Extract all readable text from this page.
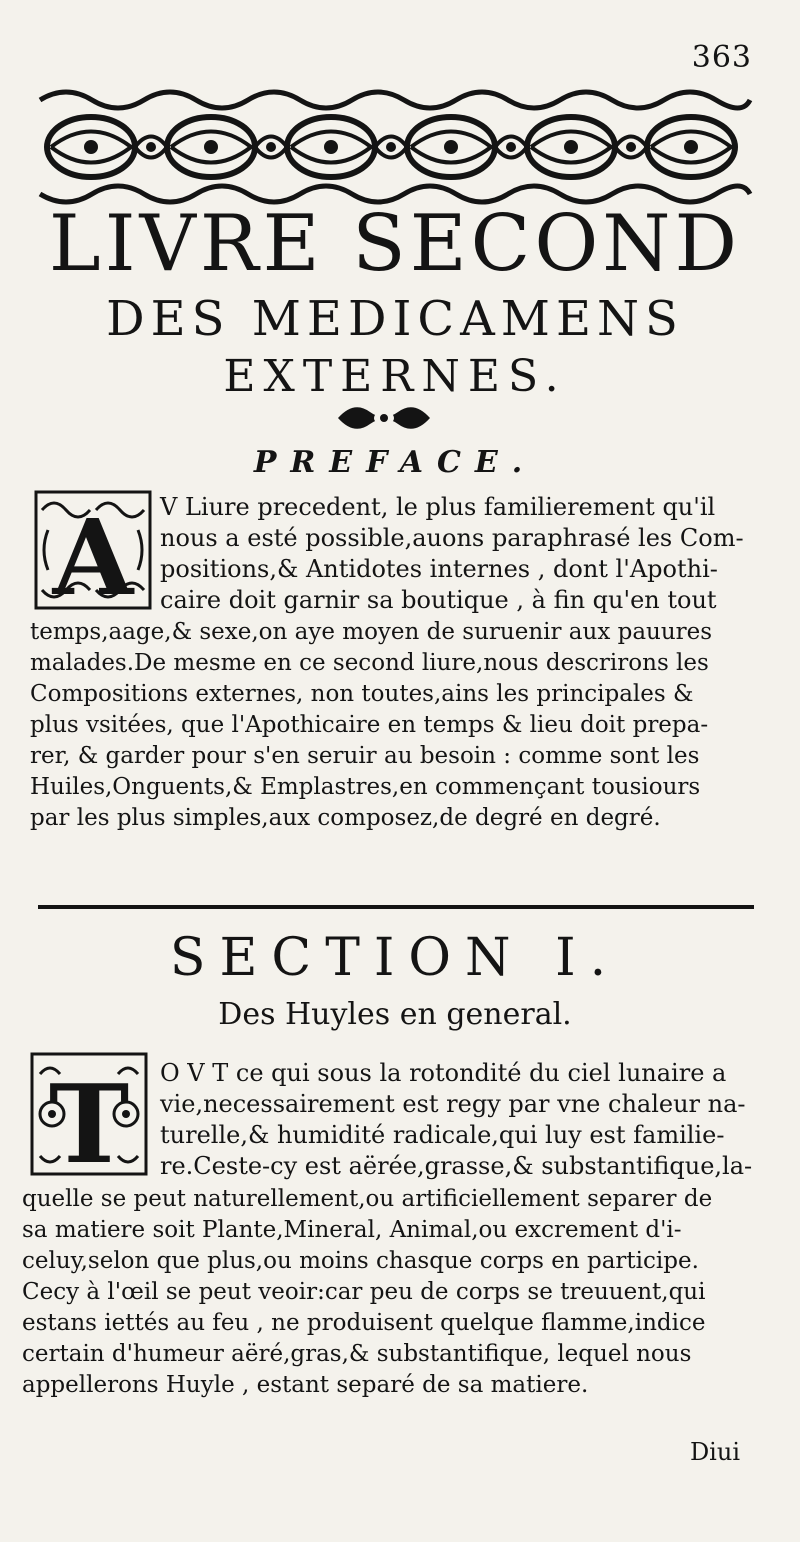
363
LIVRE SECOND
DES MEDICAMENS
EXTERNES.
PREFACE.
A V Liure precedent, le plus familierement qu'il
nous a esté possible,auons paraphrasé les Com-
positions,& Antidotes internes , dont l'Apothi-
caire doit garnir sa boutique , à fin qu'en tout
temps,aage,& sexe,on aye moyen de suruenir aux pauures
malades.De mesme en ce second liure,nous descrirons les
Compositions externes, non toutes,ains les principales &
plus vsitées, que l'Apothicaire en temps & lieu doit prepa-
rer, & garder pour s'en seruir au besoin : comme sont les
Huiles,Onguents,& Emplastres,en commençant tousiours
par les plus simples,aux composez,de degré en degré.
SECTION I.
Des Huyles en general.
T O V T ce qui sous la rotondité du ciel lunaire a
vie,necessairement est regy par vne chaleur na-
turelle,& humidité radicale,qui luy est familie-
re.Ceste-cy est aërée,grasse,& substantifique,la-
quelle se peut naturellement,ou artificiellement separer de
sa matiere soit Plante,Mineral, Animal,ou excrement d'i-
celuy,selon que plus,ou moins chasque corps en participe.
Cecy à l'œil se peut veoir:car peu de corps se treuuent,qui
estans iettés au feu , ne produisent quelque flamme,indice
certain d'humeur aëré,gras,& substantifique, lequel nous
appellerons Huyle , estant separé de sa matiere.
Diui
